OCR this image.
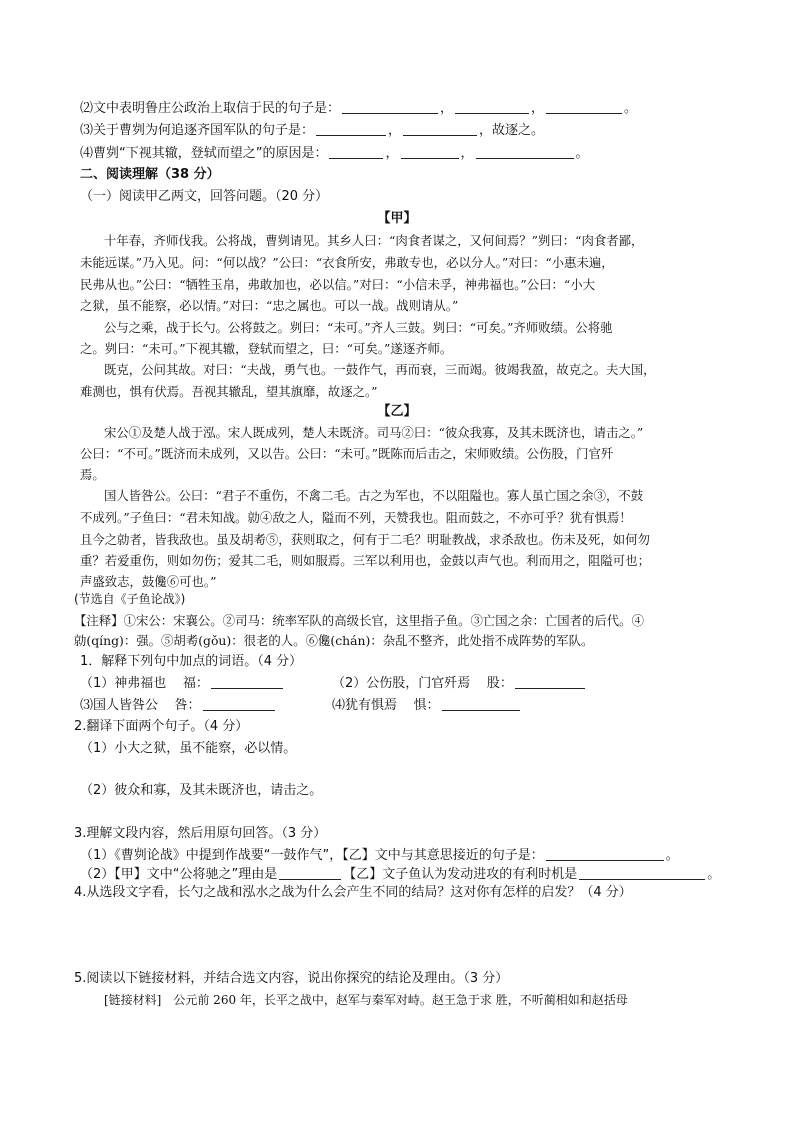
⑵文中表明鲁庄公政治上取信于民的句子是：	，	，	。
⑶关于曹刿为何追逐齐国军队的句子是：	，	，故逐之。
⑷曹刿“下视其辙，登轼而望之”的原因是：	，	，	。
二、阅读理解（38 分）
（一）阅读甲乙两文，回答问题。（20 分）
【甲】
十年春，齐师伐我。公将战，曹刿请见。其乡人曰：“肉食者谋之，又何间焉？”刿曰：“肉食者鄙，
未能远谋。”乃入见。问：“何以战？”公曰：“衣食所安，弗敢专也，必以分人。”对曰：“小惠未遍，
民弗从也。”公曰：“牺牲玉帛，弗敢加也，必以信。”对曰：“小信未孚，神弗福也。”公曰：“小大
之狱，虽不能察，必以情。”对曰：“忠之属也。可以一战。战则请从。”
公与之乘，战于长勺。公将鼓之。刿曰：“未可。”齐人三鼓。刿曰：“可矣。”齐师败绩。公将驰
之。刿曰：“未可。”下视其辙，登轼而望之，曰：“可矣。”遂逐齐师。
既克，公问其故。对曰：“夫战，勇气也。一鼓作气，再而衰，三而竭。彼竭我盈，故克之。夫大国，
难测也，惧有伏焉。吾视其辙乱，望其旗靡，故逐之。”
【乙】
宋公①及楚人战于泓。宋人既成列，楚人未既济。司马②曰：“彼众我寡，及其未既济也，请击之。”
公曰：“不可。”既济而未成列，又以告。公曰：“未可。”既陈而后击之，宋师败绩。公伤股，门官歼
焉。
国人皆咎公。公曰：“君子不重伤，不禽二毛。古之为军也，不以阻隘也。寡人虽亡国之余③，不鼓
不成列。”子鱼曰：“君未知战。勍④敌之人，隘而不列，天赞我也。阻而鼓之，不亦可乎？犹有惧焉！
且今之勍者，皆我敌也。虽及胡耇⑤，获则取之，何有于二毛？明耻教战，求杀敌也。伤未及死，如何勿
重？若爱重伤，则如勿伤；爱其二毛，则如服焉。三军以利用也，金鼓以声气也。利而用之，阻隘可也；
声盛致志，鼓儳⑥可也。”
(节选自《子鱼论战》)
【注释】①宋公：宋襄公。②司马：统率军队的高级长官，这里指子鱼。③亡国之余：亡国者的后代。④
勍(qíng)：强。⑤胡耇(gǒu)：很老的人。⑥儳(chán)：杂乱不整齐，此处指不成阵势的军队。
1．解释下列句中加点的词语。（4 分）
（1）神弗福也 福：	（2）公伤股，门官歼焉 股：
⑶国人皆咎公 咎：	⑷犹有惧焉 惧：
2.翻译下面两个句子。（4 分）
（1）小大之狱，虽不能察，必以情。
（2）彼众和寡，及其未既济也，请击之。
3.理解文段内容，然后用原句回答。（3 分）
（1）《曹刿论战》中提到作战要“一鼓作气”，【乙】文中与其意思接近的句子是：	。
（2）【甲】文中“公将驰之”理由是	【乙】文子鱼认为发动进攻的有利时机是	。
4.从选段文字看，长勺之战和泓水之战为什么会产生不同的结局？这对你有怎样的启发？（4 分）
5.阅读以下链接材料，并结合选文内容，说出你探究的结论及理由。（3 分）
[链接材料]　公元前 260 年，长平之战中，赵军与秦军对峙。赵王急于求 胜，不听蔺相如和赵括母
